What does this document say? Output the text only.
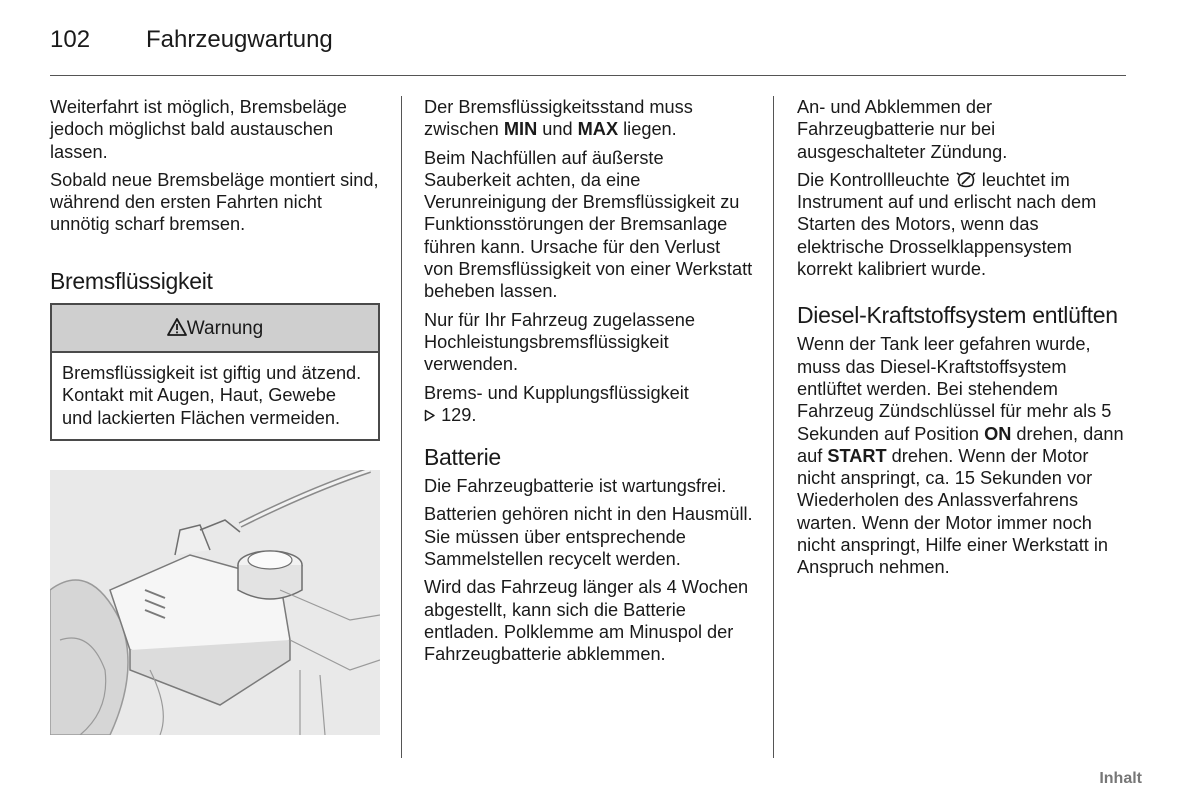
102 Fahrzeugwartung

Weiterfahrt ist möglich, Bremsbeläge jedoch möglichst bald austauschen lassen.

Sobald neue Bremsbeläge montiert sind, während den ersten Fahrten nicht unnötig scharf bremsen.

Bremsflüssigkeit
Warnung
Bremsflüssigkeit ist giftig und ätzend. Kontakt mit Augen, Haut, Gewebe und lackierten Flächen vermeiden.

Der Bremsflüssigkeitsstand muss zwischen MIN und MAX liegen.

Beim Nachfüllen auf äußerste Sauberkeit achten, da eine Verunreinigung der Bremsflüssigkeit zu Funktionsstörungen der Bremsanlage führen kann. Ursache für den Verlust von Bremsflüssigkeit von einer Werkstatt beheben lassen.

Nur für Ihr Fahrzeug zugelassene Hochleistungsbremsflüssigkeit verwenden.

Brems- und Kupplungsflüssigkeit
129.

Batterie

Die Fahrzeugbatterie ist wartungsfrei.

Batterien gehören nicht in den Hausmüll. Sie müssen über entsprechende Sammelstellen recycelt werden.

Wird das Fahrzeug länger als 4 Wochen abgestellt, kann sich die Batterie entladen. Polklemme am Minuspol der Fahrzeugbatterie abklemmen.

An- und Abklemmen der Fahrzeugbatterie nur bei ausgeschalteter Zündung.

Die Kontrollleuchte  leuchtet im Instrument auf und erlischt nach dem Starten des Motors, wenn das elektrische Drosselklappensystem korrekt kalibriert wurde.

Diesel-Kraftstoffsystem entlüften

Wenn der Tank leer gefahren wurde, muss das Diesel-Kraftstoffsystem entlüftet werden. Bei stehendem Fahrzeug Zündschlüssel für mehr als 5 Sekunden auf Position ON drehen, dann auf START drehen. Wenn der Motor nicht anspringt, ca. 15 Sekunden vor Wiederholen des Anlassverfahrens warten. Wenn der Motor immer noch nicht anspringt, Hilfe einer Werkstatt in Anspruch nehmen.

Inhalt
